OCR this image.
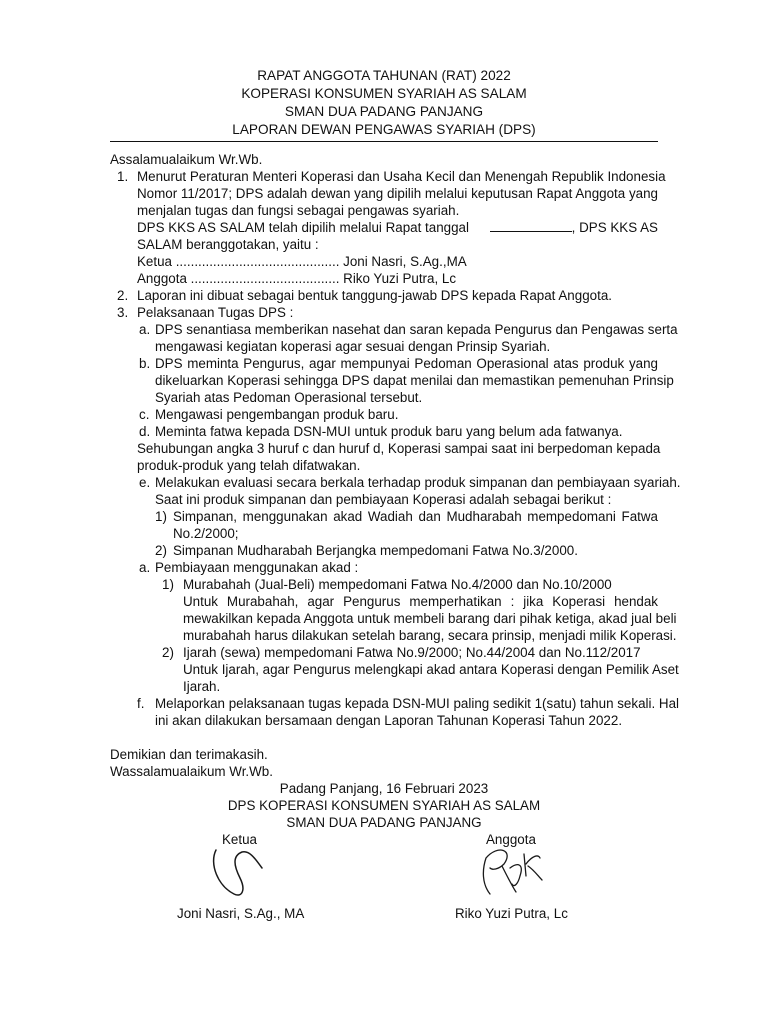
RAPAT ANGGOTA TAHUNAN (RAT) 2022
KOPERASI KONSUMEN SYARIAH AS SALAM
SMAN DUA PADANG PANJANG
LAPORAN DEWAN PENGAWAS SYARIAH (DPS)
Assalamualaikum Wr.Wb.
1. Menurut Peraturan Menteri Koperasi dan Usaha Kecil dan Menengah Republik Indonesia
Nomor 11/2017; DPS adalah dewan yang dipilih melalui keputusan Rapat Anggota yang
menjalan tugas dan fungsi sebagai pengawas syariah.
DPS KKS AS SALAM telah dipilih melalui Rapat tanggal	, DPS KKS AS
SALAM beranggotakan, yaitu :
Ketua ............................................ Joni Nasri, S.Ag.,MA
Anggota ........................................ Riko Yuzi Putra, Lc
2. Laporan ini dibuat sebagai bentuk tanggung-jawab DPS kepada Rapat Anggota.
3. Pelaksanaan Tugas DPS :
a. DPS senantiasa memberikan nasehat dan saran kepada Pengurus dan Pengawas serta
mengawasi kegiatan koperasi agar sesuai dengan Prinsip Syariah.
b. DPS meminta Pengurus, agar mempunyai Pedoman Operasional atas produk yang
dikeluarkan Koperasi sehingga DPS dapat menilai dan memastikan pemenuhan Prinsip
Syariah atas Pedoman Operasional tersebut.
c. Mengawasi pengembangan produk baru.
d. Meminta fatwa kepada DSN-MUI untuk produk baru yang belum ada fatwanya.
Sehubungan angka 3 huruf c dan huruf d, Koperasi sampai saat ini berpedoman kepada
produk-produk yang telah difatwakan.
e. Melakukan evaluasi secara berkala terhadap produk simpanan dan pembiayaan syariah.
Saat ini produk simpanan dan pembiayaan Koperasi adalah sebagai berikut :
1) Simpanan, menggunakan akad Wadiah dan Mudharabah mempedomani Fatwa
No.2/2000;
2) Simpanan Mudharabah Berjangka mempedomani Fatwa No.3/2000.
a. Pembiayaan menggunakan akad :
1) Murabahah (Jual-Beli) mempedomani Fatwa No.4/2000 dan No.10/2000
Untuk Murabahah, agar Pengurus memperhatikan : jika Koperasi hendak
mewakilkan kepada Anggota untuk membeli barang dari pihak ketiga, akad jual beli
murabahah harus dilakukan setelah barang, secara prinsip, menjadi milik Koperasi.
2) Ijarah (sewa) mempedomani Fatwa No.9/2000; No.44/2004 dan No.112/2017
Untuk Ijarah, agar Pengurus melengkapi akad antara Koperasi dengan Pemilik Aset
Ijarah.
f. Melaporkan pelaksanaan tugas kepada DSN-MUI paling sedikit 1(satu) tahun sekali. Hal
ini akan dilakukan bersamaan dengan Laporan Tahunan Koperasi Tahun 2022.
Demikian dan terimakasih.
Wassalamualaikum Wr.Wb.
Padang Panjang, 16 Februari 2023
DPS KOPERASI KONSUMEN SYARIAH AS SALAM
SMAN DUA PADANG PANJANG
Ketua	Anggota
Joni Nasri, S.Ag., MA	Riko Yuzi Putra, Lc
